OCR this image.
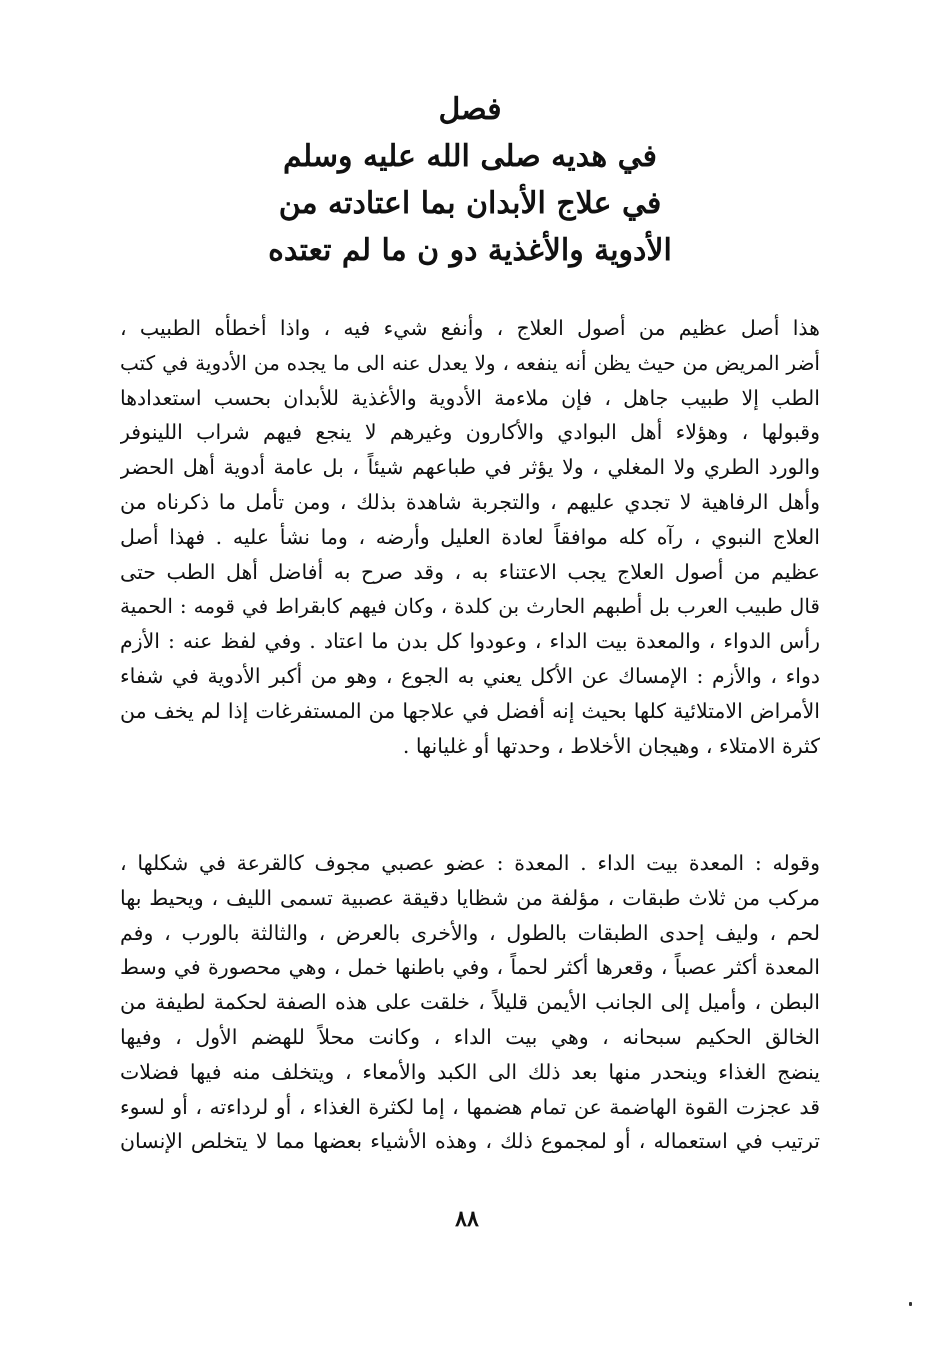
فصل
في هديه صلى الله عليه وسلم
في علاج الأبدان بما اعتادته من
الأدوية والأغذية دو ن ما لم تعتده
هذا أصل عظيم من أصول العلاج ، وأنفع شيء فيه ، واذا أخطأه الطبيب ،
أضر المريض من حيث يظن أنه ينفعه ، ولا يعدل عنه الى ما يجده من الأدوية في كتب
الطب إلا طبيب جاهل ، فإن ملاءمة الأدوية والأغذية للأبدان بحسب استعدادها
وقبولها ، وهؤلاء أهل البوادي والأكارون وغيرهم لا ينجع فيهم شراب اللينوفر
والورد الطري ولا المغلي ، ولا يؤثر في طباعهم شيئاً ، بل عامة أدوية أهل الحضر
وأهل الرفاهية لا تجدي عليهم ، والتجربة شاهدة بذلك ، ومن تأمل ما ذكرناه من
العلاج النبوي ، رآه كله موافقاً لعادة العليل وأرضه ، وما نشأ عليه . فهذا أصل
عظيم من أصول العلاج يجب الاعتناء به ، وقد صرح به أفاضل أهل الطب حتى
قال طبيب العرب بل أطبهم الحارث بن كلدة ، وكان فيهم كابقراط في قومه : الحمية
رأس الدواء ، والمعدة بيت الداء ، وعودوا كل بدن ما اعتاد . وفي لفظ عنه : الأزم
دواء ، والأزم : الإمساك عن الأكل يعني به الجوع ، وهو من أكبر الأدوية في شفاء
الأمراض الامتلائية كلها بحيث إنه أفضل في علاجها من المستفرغات إذا لم يخف من
كثرة الامتلاء ، وهيجان الأخلاط ، وحدتها أو غليانها .
وقوله : المعدة بيت الداء . المعدة : عضو عصبي مجوف كالقرعة في شكلها ،
مركب من ثلاث طبقات ، مؤلفة من شظايا دقيقة عصبية تسمى الليف ، ويحيط بها
لحم ، وليف إحدى الطبقات بالطول ، والأخرى بالعرض ، والثالثة بالورب ، وفم
المعدة أكثر عصباً ، وقعرها أكثر لحماً ، وفي باطنها خمل ، وهي محصورة في وسط
البطن ، وأميل إلى الجانب الأيمن قليلاً ، خلقت على هذه الصفة لحكمة لطيفة من
الخالق الحكيم سبحانه ، وهي بيت الداء ، وكانت محلاً للهضم الأول ، وفيها
ينضج الغذاء وينحدر منها بعد ذلك الى الكبد والأمعاء ، ويتخلف منه فيها فضلات
قد عجزت القوة الهاضمة عن تمام هضمها ، إما لكثرة الغذاء ، أو لرداءته ، أو لسوء
ترتيب في استعماله ، أو لمجموع ذلك ، وهذه الأشياء بعضها مما لا يتخلص الإنسان
٨٨
